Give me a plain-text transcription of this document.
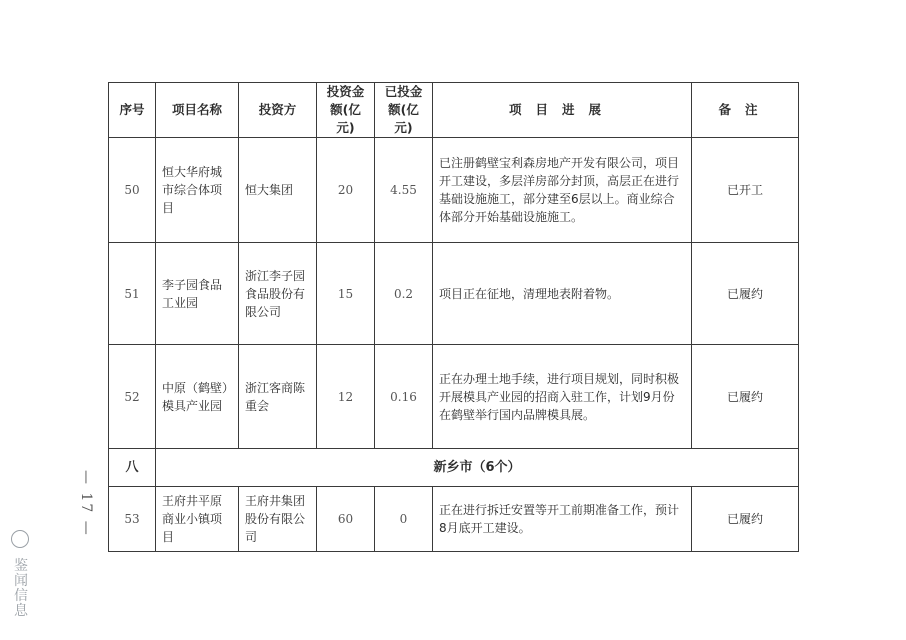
序号	项目名称	投资方	投资金额(亿元)	已投金额(亿元)	项目进展	备注
50	恒大华府城市综合体项目	恒大集团	20	4.55	已注册鹤壁宝利森房地产开发有限公司，项目开工建设，多层洋房部分封顶，高层正在进行基础设施施工，部分建至6层以上。商业综合体部分开始基础设施施工。	已开工
51	李子园食品工业园	浙江李子园食品股份有限公司	15	0.2	项目正在征地，清理地表附着物。	已履约
52	中原（鹤壁）模具产业园	浙江客商陈重会	12	0.16	正在办理土地手续，进行项目规划，同时积极开展模具产业园的招商入驻工作，计划9月份在鹤壁举行国内品牌模具展。	已履约
八	新乡市（6个）					
53	王府井平原商业小镇项目	王府井集团股份有限公司	60	0	正在进行拆迁安置等开工前期准备工作，预计8月底开工建设。	已履约
— 17 —
鉴闻信息
